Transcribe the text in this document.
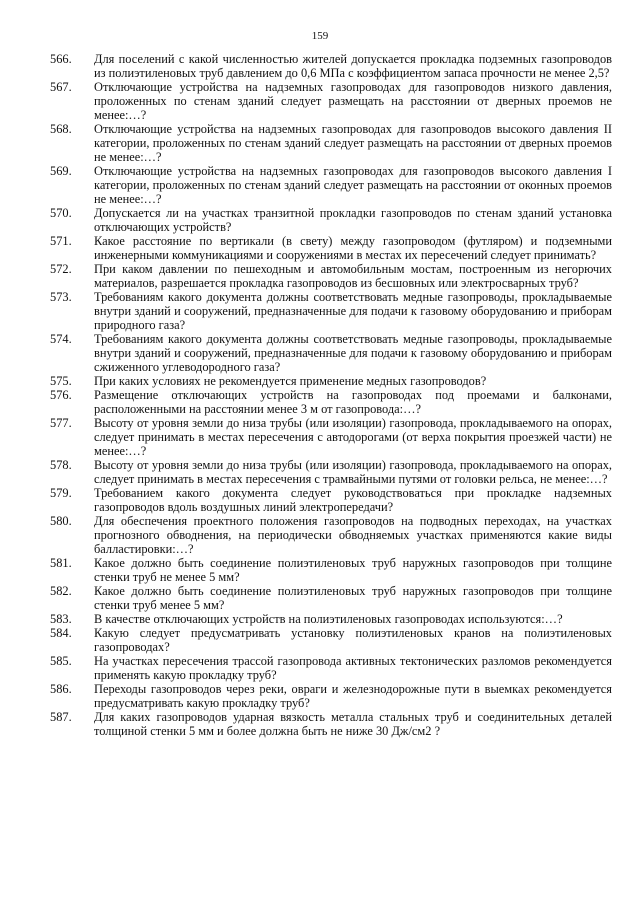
159
566.	Для поселений с какой численностью жителей допускается прокладка подземных газопроводов из полиэтиленовых труб давлением до 0,6 МПа с коэффициентом запаса прочности не менее 2,5?
567.	Отключающие устройства на надземных газопроводах для газопроводов низкого давления, проложенных по стенам зданий следует размещать на расстоянии от дверных проемов не менее:…?
568.	Отключающие устройства на надземных газопроводах для газопроводов высокого давления II категории, проложенных по стенам зданий следует размещать на расстоянии от дверных проемов не менее:…?
569.	Отключающие устройства на надземных газопроводах для газопроводов высокого давления I категории, проложенных по стенам зданий следует размещать на расстоянии от оконных проемов не менее:…?
570.	Допускается ли на участках транзитной прокладки газопроводов по стенам зданий установка отключающих устройств?
571.	Какое расстояние по вертикали (в свету) между газопроводом (футляром) и подземными инженерными коммуникациями и сооружениями в местах их пересечений следует принимать?
572.	При каком давлении по пешеходным и автомобильным мостам, построенным из негорючих материалов, разрешается прокладка газопроводов из бесшовных или электросварных труб?
573.	Требованиям какого документа должны соответствовать медные газопроводы, прокладываемые внутри зданий и сооружений, предназначенные для подачи к газовому оборудованию и приборам природного газа?
574.	Требованиям какого документа должны соответствовать медные газопроводы, прокладываемые внутри зданий и сооружений, предназначенные для подачи к газовому оборудованию и приборам сжиженного углеводородного газа?
575.	При каких условиях не рекомендуется применение медных газопроводов?
576.	Размещение отключающих устройств на газопроводах под проемами и балконами, расположенными на расстоянии менее 3 м от газопровода:…?
577.	Высоту от уровня земли до низа трубы (или изоляции) газопровода, прокладываемого на опорах, следует принимать в местах пересечения с автодорогами (от верха покрытия проезжей части) не менее:…?
578.	Высоту от уровня земли до низа трубы (или изоляции) газопровода, прокладываемого на опорах, следует принимать в местах пересечения с трамвайными путями от головки рельса, не менее:…?
579.	Требованием какого документа следует руководствоваться при прокладке надземных газопроводов вдоль воздушных линий электропередачи?
580.	Для обеспечения проектного положения газопроводов на подводных переходах, на участках прогнозного обводнения, на периодически обводняемых участках применяются какие виды балластировки:…?
581.	Какое должно быть соединение полиэтиленовых труб наружных газопроводов при толщине стенки труб не менее 5 мм?
582.	Какое должно быть соединение полиэтиленовых труб наружных газопроводов при толщине стенки труб менее 5 мм?
583.	В качестве отключающих устройств на полиэтиленовых газопроводах используются:…?
584.	Какую следует предусматривать установку полиэтиленовых кранов на полиэтиленовых газопроводах?
585.	На участках пересечения трассой газопровода активных тектонических разломов рекомендуется применять какую прокладку труб?
586.	Переходы газопроводов через реки, овраги и железнодорожные пути в выемках рекомендуется предусматривать какую прокладку труб?
587.	Для каких газопроводов ударная вязкость металла стальных труб и соединительных деталей толщиной стенки 5 мм и более должна быть не ниже 30 Дж/см2 ?
